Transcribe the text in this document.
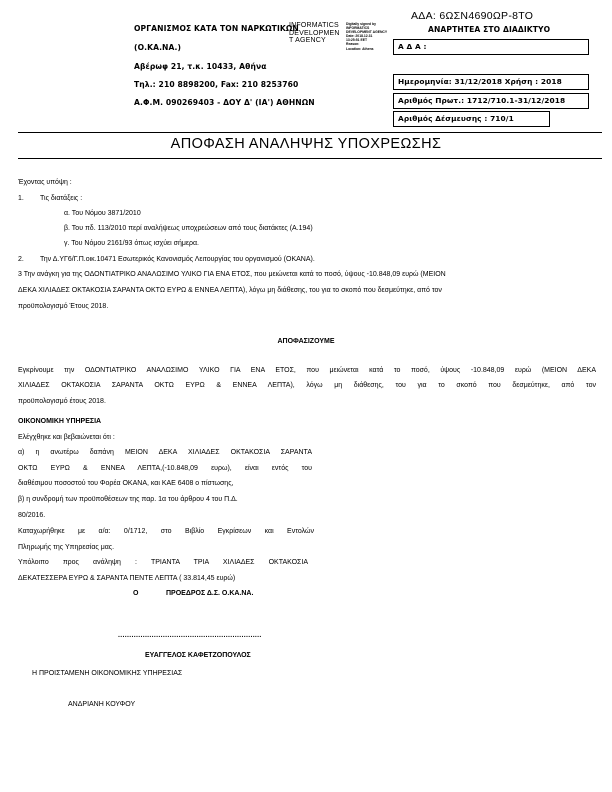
ΑΔΑ: 6ΩΣΝ4690ΩΡ-8ΤΟ
ΟΡΓΑΝΙΣΜΟΣ ΚΑΤΑ ΤΟΝ ΝΑΡΚΩΤΙΚΩΝ
(Ο.ΚΑ.ΝΑ.)
Αβέρωφ 21, τ.κ. 10433, Αθήνα
Τηλ.: 210 8898200, Fax: 210 8253760
Α.Φ.Μ. 090269403 - ΔΟΥ Δ' (ΙΑ') ΑΘΗΝΩΝ
INFORMATICS
DEVELOPMEN
T AGENCY
Digitally signed by
INFORMATICS
DEVELOPMENT AGENCY
Date: 2018.12.31
13:25:51 EET
Reason:
Location: Athens
ΑΝΑΡΤΗΤΕΑ ΣΤΟ ΔΙΑΔΙΚΤΥΟ
Α Δ Α :
Ημερομηνία: 31/12/2018 Χρήση : 2018
Αριθμός Πρωτ.: 1712/710.1-31/12/2018
Αριθμός Δέσμευσης : 710/1
ΑΠΟΦΑΣΗ ΑΝΑΛΗΨΗΣ ΥΠΟΧΡΕΩΣΗΣ
Έχοντας υπόψη :
1. Τις διατάξεις :
α. Του Νόμου 3871/2010
β. Του πδ. 113/2010 περί αναλήψεως υποχρεώσεων από τους διατάκτες (Α.194)
γ. Του Νόμου 2161/93 όπως ισχύει σήμερα.
2. Την Δ.ΥΓ6/Γ.Π.οικ.10471 Εσωτερικός Κανονισμός Λειτουργίας του οργανισμού (ΟΚΑΝΑ).
3 Την ανάγκη για της ΟΔΟΝΤΙΑΤΡΙΚΟ ΑΝΑΛΩΣΙΜΟ ΥΛΙΚΟ ΓΙΑ ΕΝΑ ΕΤΟΣ, που μειώνεται κατά το ποσό, ύψους -10.848,09 ευρώ (ΜΕΙΟΝ
ΔΕΚΑ ΧΙΛΙΑΔΕΣ ΟΚΤΑΚΟΣΙΑ ΣΑΡΑΝΤΑ ΟΚΤΩ ΕΥΡΩ & ΕΝΝΕΑ ΛΕΠΤΑ), λόγω μη διάθεσης, του για το σκοπό που δεσμεύτηκε, από τον
προϋπολογισμό Έτους 2018.
ΑΠΟΦΑΣΙΖΟΥΜΕ
Εγκρίνουμε την ΟΔΟΝΤΙΑΤΡΙΚΟ ΑΝΑΛΩΣΙΜΟ ΥΛΙΚΟ ΓΙΑ ΕΝΑ ΕΤΟΣ, που μειώνεται κατά το ποσό, ύψους -10.848,09 ευρώ (ΜΕΙΟΝ ΔΕΚΑ
ΧΙΛΙΑΔΕΣ ΟΚΤΑΚΟΣΙΑ ΣΑΡΑΝΤΑ ΟΚΤΩ ΕΥΡΩ & ΕΝΝΕΑ ΛΕΠΤΑ), λόγω μη διάθεσης, του για το σκοπό που δεσμεύτηκε, από τον
προϋπολογισμό έτους 2018.
ΟΙΚΟΝΟΜΙΚΗ ΥΠΗΡΕΣΙΑ
Ελέγχθηκε και βεβαιώνεται ότι :
α) η ανωτέρω δαπάνη ΜΕΙΟΝ ΔΕΚΑ ΧΙΛΙΑΔΕΣ ΟΚΤΑΚΟΣΙΑ ΣΑΡΑΝΤΑ
ΟΚΤΩ ΕΥΡΩ & ΕΝΝΕΑ ΛΕΠΤΑ,(-10.848,09 ευρω), είναι εντός του
διαθέσιμου ποσοστού του Φορέα ΟΚΑΝΑ, και ΚΑΕ 6408 ο πίστωσης,
β) η συνδρομή των προϋποθέσεων της παρ. 1α του άρθρου 4 του Π.Δ.
80/2016.
Καταχωρήθηκε με α/α: 0/1712, στο Βιβλίο Εγκρίσεων και Εντολών
Πληρωμής της Υπηρεσίας μας.
Υπόλοιπο προς ανάληψη : ΤΡΙΑΝΤΑ ΤΡΙΑ ΧΙΛΙΑΔΕΣ ΟΚΤΑΚΟΣΙΑ
ΔΕΚΑΤΕΣΣΕΡΑ ΕΥΡΩ & ΣΑΡΑΝΤΑ ΠΕΝΤΕ ΛΕΠΤΑ ( 33.814,45 ευρώ)
Ο	ΠΡΟΕΔΡΟΣ Δ.Σ. Ο.ΚΑ.ΝΑ.
................................................................
ΕΥΑΓΓΕΛΟΣ ΚΑΦΕΤΖΟΠΟΥΛΟΣ
Η ΠΡΟΙΣΤΑΜΕΝΗ ΟΙΚΟΝΟΜΙΚΗΣ ΥΠΗΡΕΣΙΑΣ
ΑΝΔΡΙΑΝΗ ΚΟΥΦΟΥ
